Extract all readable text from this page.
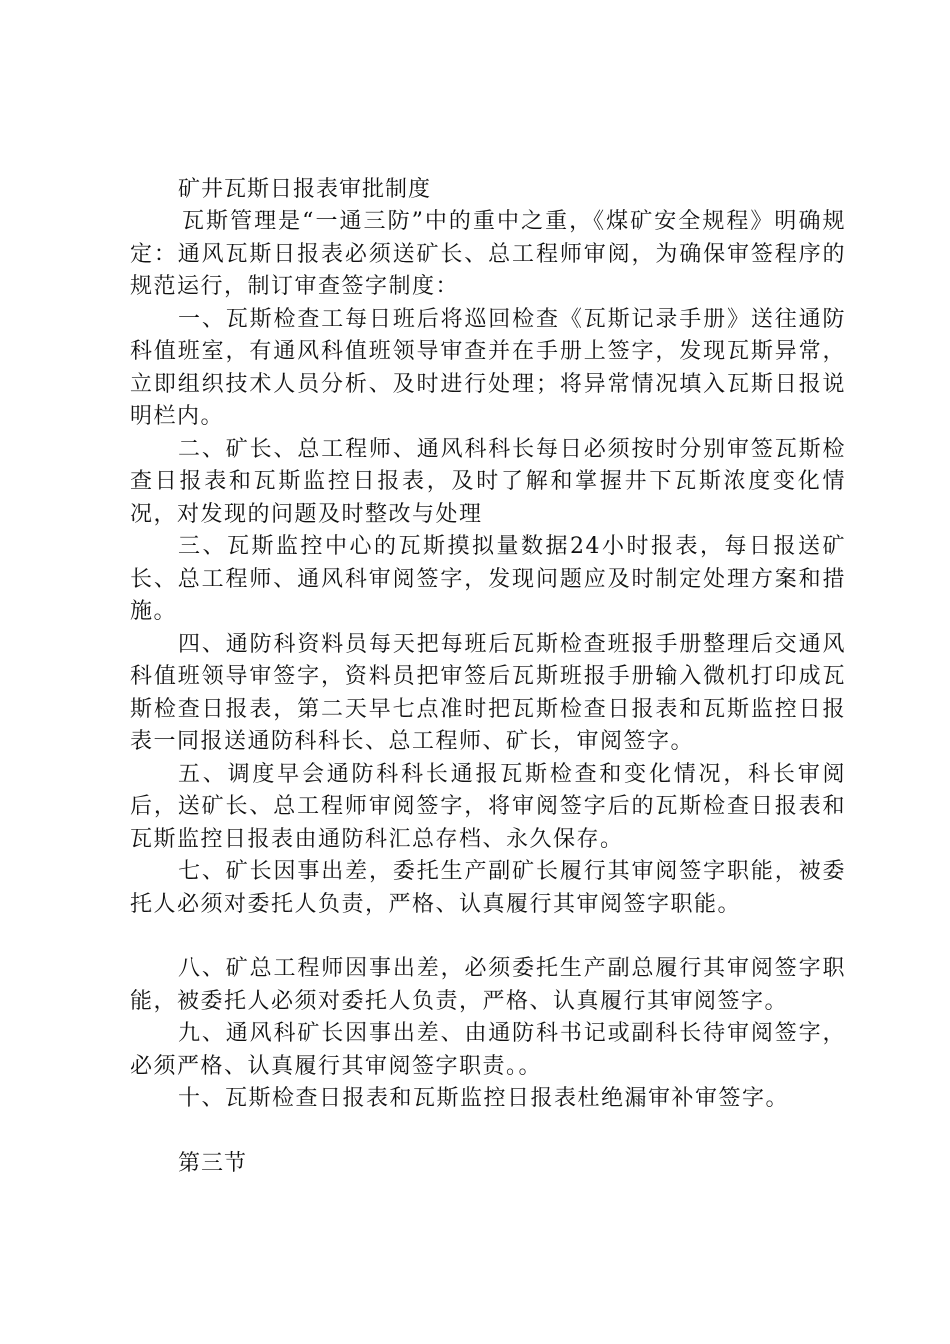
矿井瓦斯日报表审批制度

瓦斯管理是“一通三防”中的重中之重，《煤矿安全规程》明确规定：通风瓦斯日报表必须送矿长、总工程师审阅，为确保审签程序的规范运行，制订审查签字制度：

一、瓦斯检查工每日班后将巡回检查《瓦斯记录手册》送往通防科值班室，有通风科值班领导审查并在手册上签字，发现瓦斯异常，立即组织技术人员分析、及时进行处理；将异常情况填入瓦斯日报说明栏内。

二、矿长、总工程师、通风科科长每日必须按时分别审签瓦斯检查日报表和瓦斯监控日报表，及时了解和掌握井下瓦斯浓度变化情况，对发现的问题及时整改与处理

三、瓦斯监控中心的瓦斯摸拟量数据24小时报表，每日报送矿长、总工程师、通风科审阅签字，发现问题应及时制定处理方案和措施。

四、通防科资料员每天把每班后瓦斯检查班报手册整理后交通风科值班领导审签字，资料员把审签后瓦斯班报手册输入微机打印成瓦斯检查日报表，第二天早七点准时把瓦斯检查日报表和瓦斯监控日报表一同报送通防科科长、总工程师、矿长，审阅签字。

五、调度早会通防科科长通报瓦斯检查和变化情况，科长审阅后，送矿长、总工程师审阅签字，将审阅签字后的瓦斯检查日报表和瓦斯监控日报表由通防科汇总存档、永久保存。

七、矿长因事出差，委托生产副矿长履行其审阅签字职能，被委托人必须对委托人负责，严格、认真履行其审阅签字职能。

八、矿总工程师因事出差，必须委托生产副总履行其审阅签字职能，被委托人必须对委托人负责，严格、认真履行其审阅签字。

九、通风科矿长因事出差、由通防科书记或副科长待审阅签字，必须严格、认真履行其审阅签字职责。。

十、瓦斯检查日报表和瓦斯监控日报表杜绝漏审补审签字。

第三节
